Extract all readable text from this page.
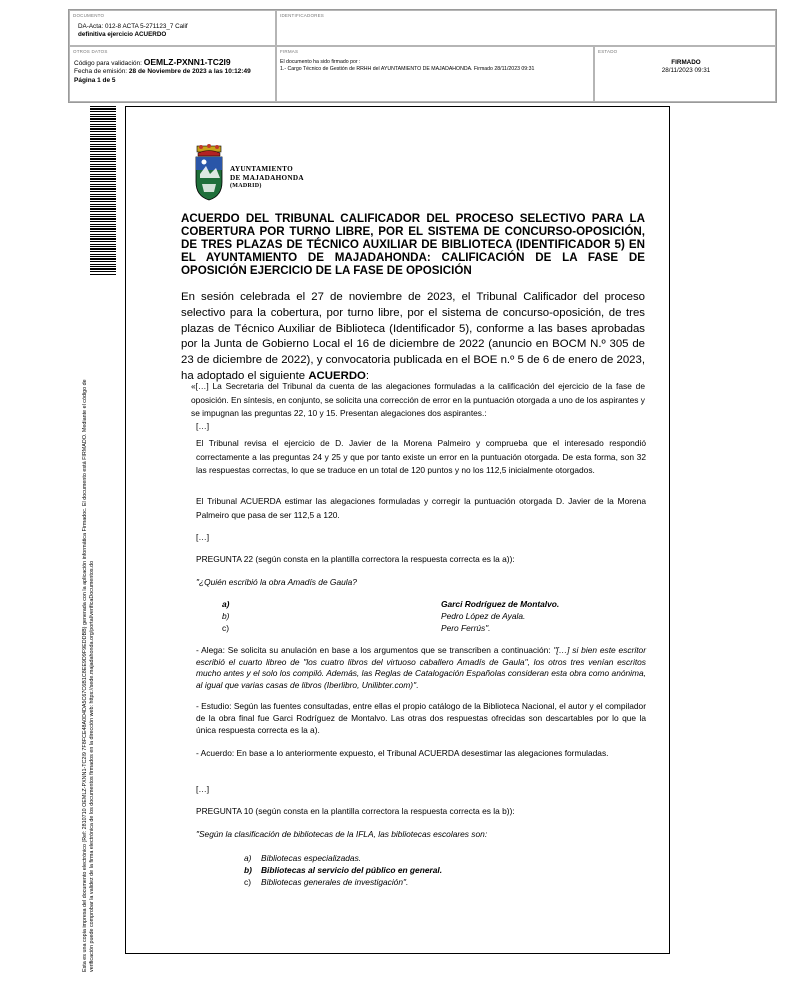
DOCUMENTO
DA-Acta: 012-8 ACTA 5-271123_7 Calif
definitiva ejercicio ACUERDO
IDENTIFICADORES
OTROS DATOS
Código para validación: OEMLZ-PXNN1-TC2I9
Fecha de emisión: 28 de Noviembre de 2023 a las 10:12:49
Página 1 de 5
FIRMAS
El documento ha sido firmado por :
1.- Cargo Técnico de Gestión de RRHH del AYUNTAMIENTO DE MAJADAHONDA. Firmado 28/11/2023 09:31
ESTADO
FIRMADO
28/11/2023 09:31
Esta es una copia impresa del documento electrónico (Ref: 2810710 OEMLZ-PXNN1-TC2I9 7F8FCE48A0D4DA5C67C6B1C8EE9D9F9EDDBB) generada con la aplicación informática Firmadoc. El documento está FIRMADO. Mediante el código de verificación puede comprobar la validez de la firma electrónica de los documentos firmados en la dirección web: https://sede.majadahonda.org/portal/verificaDocumentos.do
AYUNTAMIENTO
DE MAJADAHONDA
(MADRID)
ACUERDO DEL TRIBUNAL CALIFICADOR DEL PROCESO SELECTIVO PARA LA COBERTURA POR TURNO LIBRE, POR EL SISTEMA DE CONCURSO-OPOSICIÓN, DE TRES PLAZAS DE TÉCNICO AUXILIAR DE BIBLIOTECA (IDENTIFICADOR 5) EN EL AYUNTAMIENTO DE MAJADAHONDA: CALIFICACIÓN DE LA FASE DE OPOSICIÓN EJERCICIO DE LA FASE DE OPOSICIÓN
En sesión celebrada el 27 de noviembre de 2023, el Tribunal Calificador del proceso selectivo para la cobertura, por turno libre, por el sistema de concurso-oposición, de tres plazas de Técnico Auxiliar de Biblioteca (Identificador 5), conforme a las bases aprobadas por la Junta de Gobierno Local el 16 de diciembre de 2022 (anuncio en BOCM N.º 305 de 23 de diciembre de 2022), y convocatoria publicada en el BOE n.º 5 de 6 de enero de 2023, ha adoptado el siguiente ACUERDO:
«[…] La Secretaria del Tribunal da cuenta de las alegaciones formuladas a la calificación del ejercicio de la fase de oposición. En síntesis, en conjunto, se solicita una corrección de error en la puntuación otorgada a uno de los aspirantes y se impugnan las preguntas 22, 10 y 15. Presentan alegaciones dos aspirantes.:
[…]
El Tribunal revisa el ejercicio de D. Javier de la Morena Palmeiro y comprueba que el interesado respondió correctamente a las preguntas 24 y 25 y que por tanto existe un error en la puntuación otorgada. De esta forma, son 32 las respuestas correctas, lo que se traduce en un total de 120 puntos y no los 112,5 inicialmente otorgados.
El Tribunal ACUERDA estimar las alegaciones formuladas y corregir la puntuación otorgada D. Javier de la Morena Palmeiro que pasa de ser 112,5 a 120.
[…]
PREGUNTA 22 (según consta en la plantilla correctora la respuesta correcta es la a)):
"¿Quién escribió la obra Amadís de Gaula?
a)	Garci Rodríguez de Montalvo.
b)	Pedro López de Ayala.
c)	Pero Ferrús".
- Alega: Se solicita su anulación en base a los argumentos que se transcriben a continuación: "[…] si bien este escritor escribió el cuarto libreo de "los cuatro libros del virtuoso caballero Amadís de Gaula", los otros tres venían escritos mucho antes y el solo los compiló. Además, las Reglas de Catalogación Españolas consideran esta obra como anónima, al igual que varias casas de libros (Iberlibro, Unilibter.com)".
- Estudio: Según las fuentes consultadas, entre ellas el propio catálogo de la Biblioteca Nacional, el autor y el compilador de la obra final fue Garci Rodríguez de Montalvo. Las otras dos respuestas ofrecidas son descartables por lo que la única respuesta correcta es la a).
- Acuerdo: En base a lo anteriormente expuesto, el Tribunal ACUERDA desestimar las alegaciones formuladas.
[…]
PREGUNTA 10 (según consta en la plantilla correctora la respuesta correcta es la b)):
"Según la clasificación de bibliotecas de la IFLA, las bibliotecas escolares son:
a) Bibliotecas especializadas.
b) Bibliotecas al servicio del público en general.
c) Bibliotecas generales de investigación".
